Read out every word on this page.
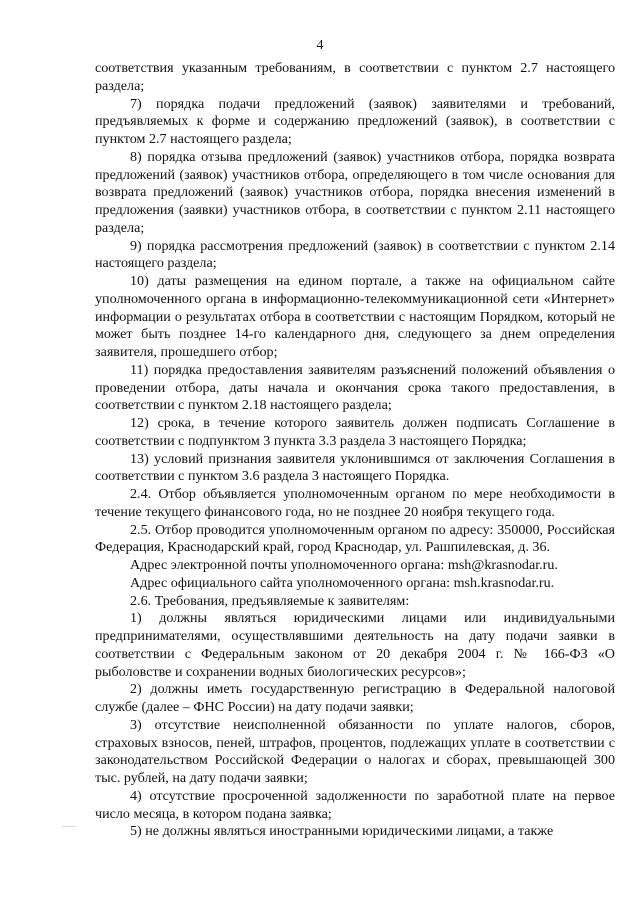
4

соответствия указанным требованиям, в соответствии с пунктом 2.7 настоящего раздела;

7) порядка подачи предложений (заявок) заявителями и требований, предъявляемых к форме и содержанию предложений (заявок), в соответствии с пунктом 2.7 настоящего раздела;

8) порядка отзыва предложений (заявок) участников отбора, порядка возврата предложений (заявок) участников отбора, определяющего в том числе основания для возврата предложений (заявок) участников отбора, порядка внесения изменений в предложения (заявки) участников отбора, в соответствии с пунктом 2.11 настоящего раздела;

9) порядка рассмотрения предложений (заявок) в соответствии с пунктом 2.14 настоящего раздела;

10) даты размещения на едином портале, а также на официальном сайте уполномоченного органа в информационно-телекоммуникационной сети «Интернет» информации о результатах отбора в соответствии с настоящим Порядком, который не может быть позднее 14-го календарного дня, следующего за днем определения заявителя, прошедшего отбор;

11) порядка предоставления заявителям разъяснений положений объявления о проведении отбора, даты начала и окончания срока такого предоставления, в соответствии с пунктом 2.18 настоящего раздела;

12) срока, в течение которого заявитель должен подписать Соглашение в соответствии с подпунктом 3 пункта 3.3 раздела 3 настоящего Порядка;

13) условий признания заявителя уклонившимся от заключения Соглашения в соответствии с пунктом 3.6 раздела 3 настоящего Порядка.

2.4. Отбор объявляется уполномоченным органом по мере необходимости в течение текущего финансового года, но не позднее 20 ноября текущего года.

2.5. Отбор проводится уполномоченным органом по адресу: 350000, Российская Федерация, Краснодарский край, город Краснодар, ул. Рашпилевская, д. 36.

Адрес электронной почты уполномоченного органа: msh@krasnodar.ru.

Адрес официального сайта уполномоченного органа: msh.krasnodar.ru.

2.6. Требования, предъявляемые к заявителям:

1) должны являться юридическими лицами или индивидуальными предпринимателями, осуществлявшими деятельность на дату подачи заявки в соответствии с Федеральным законом от 20 декабря 2004 г. № 166-ФЗ «О рыболовстве и сохранении водных биологических ресурсов»;

2) должны иметь государственную регистрацию в Федеральной налоговой службе (далее – ФНС России) на дату подачи заявки;

3) отсутствие неисполненной обязанности по уплате налогов, сборов, страховых взносов, пеней, штрафов, процентов, подлежащих уплате в соответствии с законодательством Российской Федерации о налогах и сборах, превышающей 300 тыс. рублей, на дату подачи заявки;

4) отсутствие просроченной задолженности по заработной плате на первое число месяца, в котором подана заявка;

5) не должны являться иностранными юридическими лицами, а также
